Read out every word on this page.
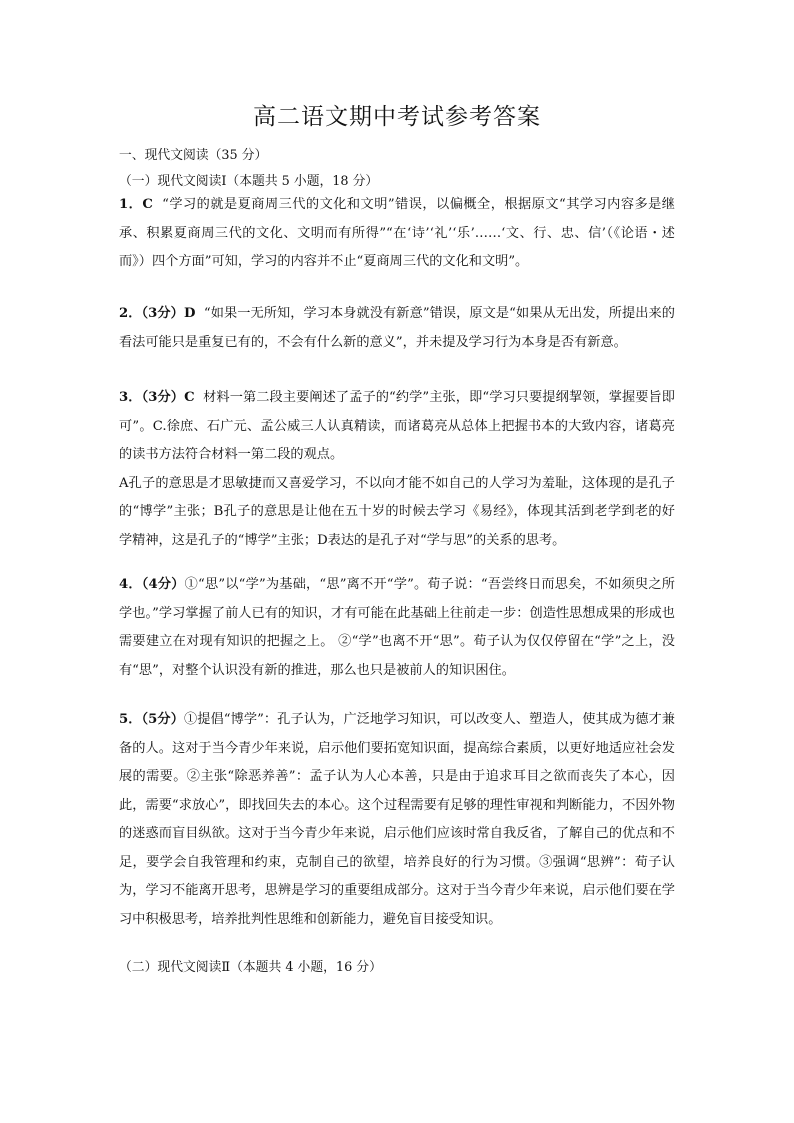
高二语文期中考试参考答案
一、现代文阅读（35 分）
（一）现代文阅读Ⅰ（本题共 5 小题，18 分）

1．C “学习的就是夏商周三代的文化和文明”错误，以偏概全，根据原文“其学习内容多是继承、积累夏商周三代的文化、文明而有所得”“在‘诗’‘礼’‘乐’……‘文、行、忠、信’（《论语・述而》）四个方面”可知，学习的内容并不止“夏商周三代的文化和文明”。

2．（3分）D “如果一无所知，学习本身就没有新意”错误，原文是“如果从无出发，所提出来的看法可能只是重复已有的，不会有什么新的意义”，并未提及学习行为本身是否有新意。

3．（3分）C 材料一第二段主要阐述了孟子的“约学”主张，即“学习只要提纲挈领，掌握要旨即可”。C.徐庶、石广元、孟公威三人认真精读，而诸葛亮从总体上把握书本的大致内容，诸葛亮的读书方法符合材料一第二段的观点。

A孔子的意思是才思敏捷而又喜爱学习，不以向才能不如自己的人学习为羞耻，这体现的是孔子的“博学”主张；B孔子的意思是让他在五十岁的时候去学习《易经》，体现其活到老学到老的好学精神，这是孔子的“博学”主张；D表达的是孔子对“学与思”的关系的思考。

4．（4分）①“思”以“学”为基础，“思”离不开“学”。荀子说：“吾尝终日而思矣，不如须臾之所学也。”学习掌握了前人已有的知识，才有可能在此基础上往前走一步：创造性思想成果的形成也需要建立在对现有知识的把握之上。 ②“学”也离不开“思”。荀子认为仅仅停留在“学”之上，没有“思”，对整个认识没有新的推进，那么也只是被前人的知识困住。

5．（5分）①提倡“博学”：孔子认为，广泛地学习知识，可以改变人、塑造人，使其成为德才兼备的人。这对于当今青少年来说，启示他们要拓宽知识面，提高综合素质，以更好地适应社会发展的需要。②主张“除恶养善”：孟子认为人心本善，只是由于追求耳目之欲而丧失了本心，因此，需要“求放心”，即找回失去的本心。这个过程需要有足够的理性审视和判断能力，不因外物的迷惑而盲目纵欲。这对于当今青少年来说，启示他们应该时常自我反省，了解自己的优点和不足，要学会自我管理和约束，克制自己的欲望，培养良好的行为习惯。③强调“思辨”：荀子认为，学习不能离开思考，思辨是学习的重要组成部分。这对于当今青少年来说，启示他们要在学习中积极思考，培养批判性思维和创新能力，避免盲目接受知识。

（二）现代文阅读Ⅱ（本题共 4 小题，16 分）
